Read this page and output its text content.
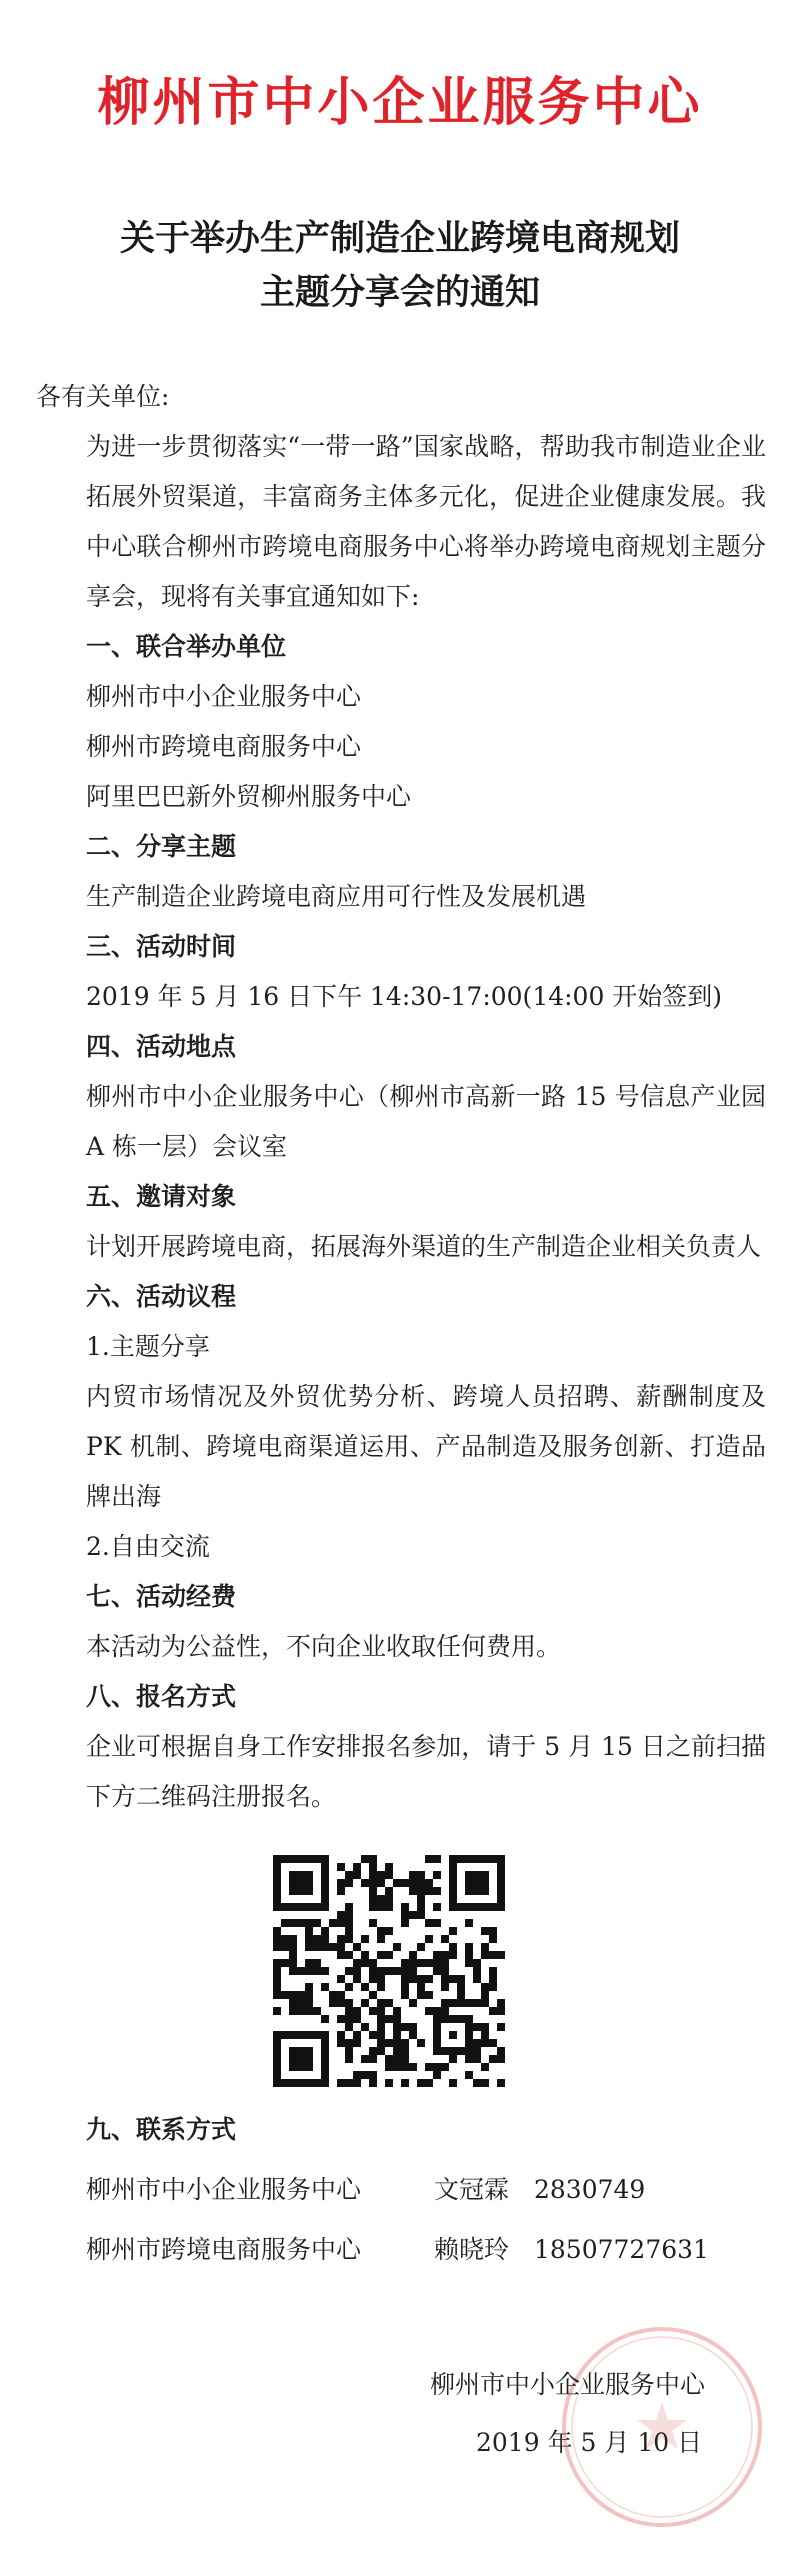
柳州市中小企业服务中心
关于举办生产制造企业跨境电商规划
主题分享会的通知

各有关单位:

为进一步贯彻落实“一带一路”国家战略，帮助我市制造业企业拓展外贸渠道，丰富商务主体多元化，促进企业健康发展。我中心联合柳州市跨境电商服务中心将举办跨境电商规划主题分享会，现将有关事宜通知如下:

一、联合举办单位

柳州市中小企业服务中心

柳州市跨境电商服务中心

阿里巴巴新外贸柳州服务中心

二、分享主题

生产制造企业跨境电商应用可行性及发展机遇

三、活动时间

2019 年 5 月 16 日下午 14:30-17:00(14:00 开始签到)

四、活动地点

柳州市中小企业服务中心（柳州市高新一路 15 号信息产业园 A 栋一层）会议室

五、邀请对象

计划开展跨境电商，拓展海外渠道的生产制造企业相关负责人

六、活动议程

1.主题分享

内贸市场情况及外贸优势分析、跨境人员招聘、薪酬制度及 PK 机制、跨境电商渠道运用、产品制造及服务创新、打造品牌出海

2.自由交流

七、活动经费

本活动为公益性，不向企业收取任何费用。

八、报名方式

企业可根据自身工作安排报名参加，请于 5 月 15 日之前扫描下方二维码注册报名。

九、联系方式

柳州市中小企业服务中心	文冠霖 2830749

柳州市跨境电商服务中心	赖晓玲 18507727631

柳州市中小企业服务中心

2019 年 5 月 10 日
